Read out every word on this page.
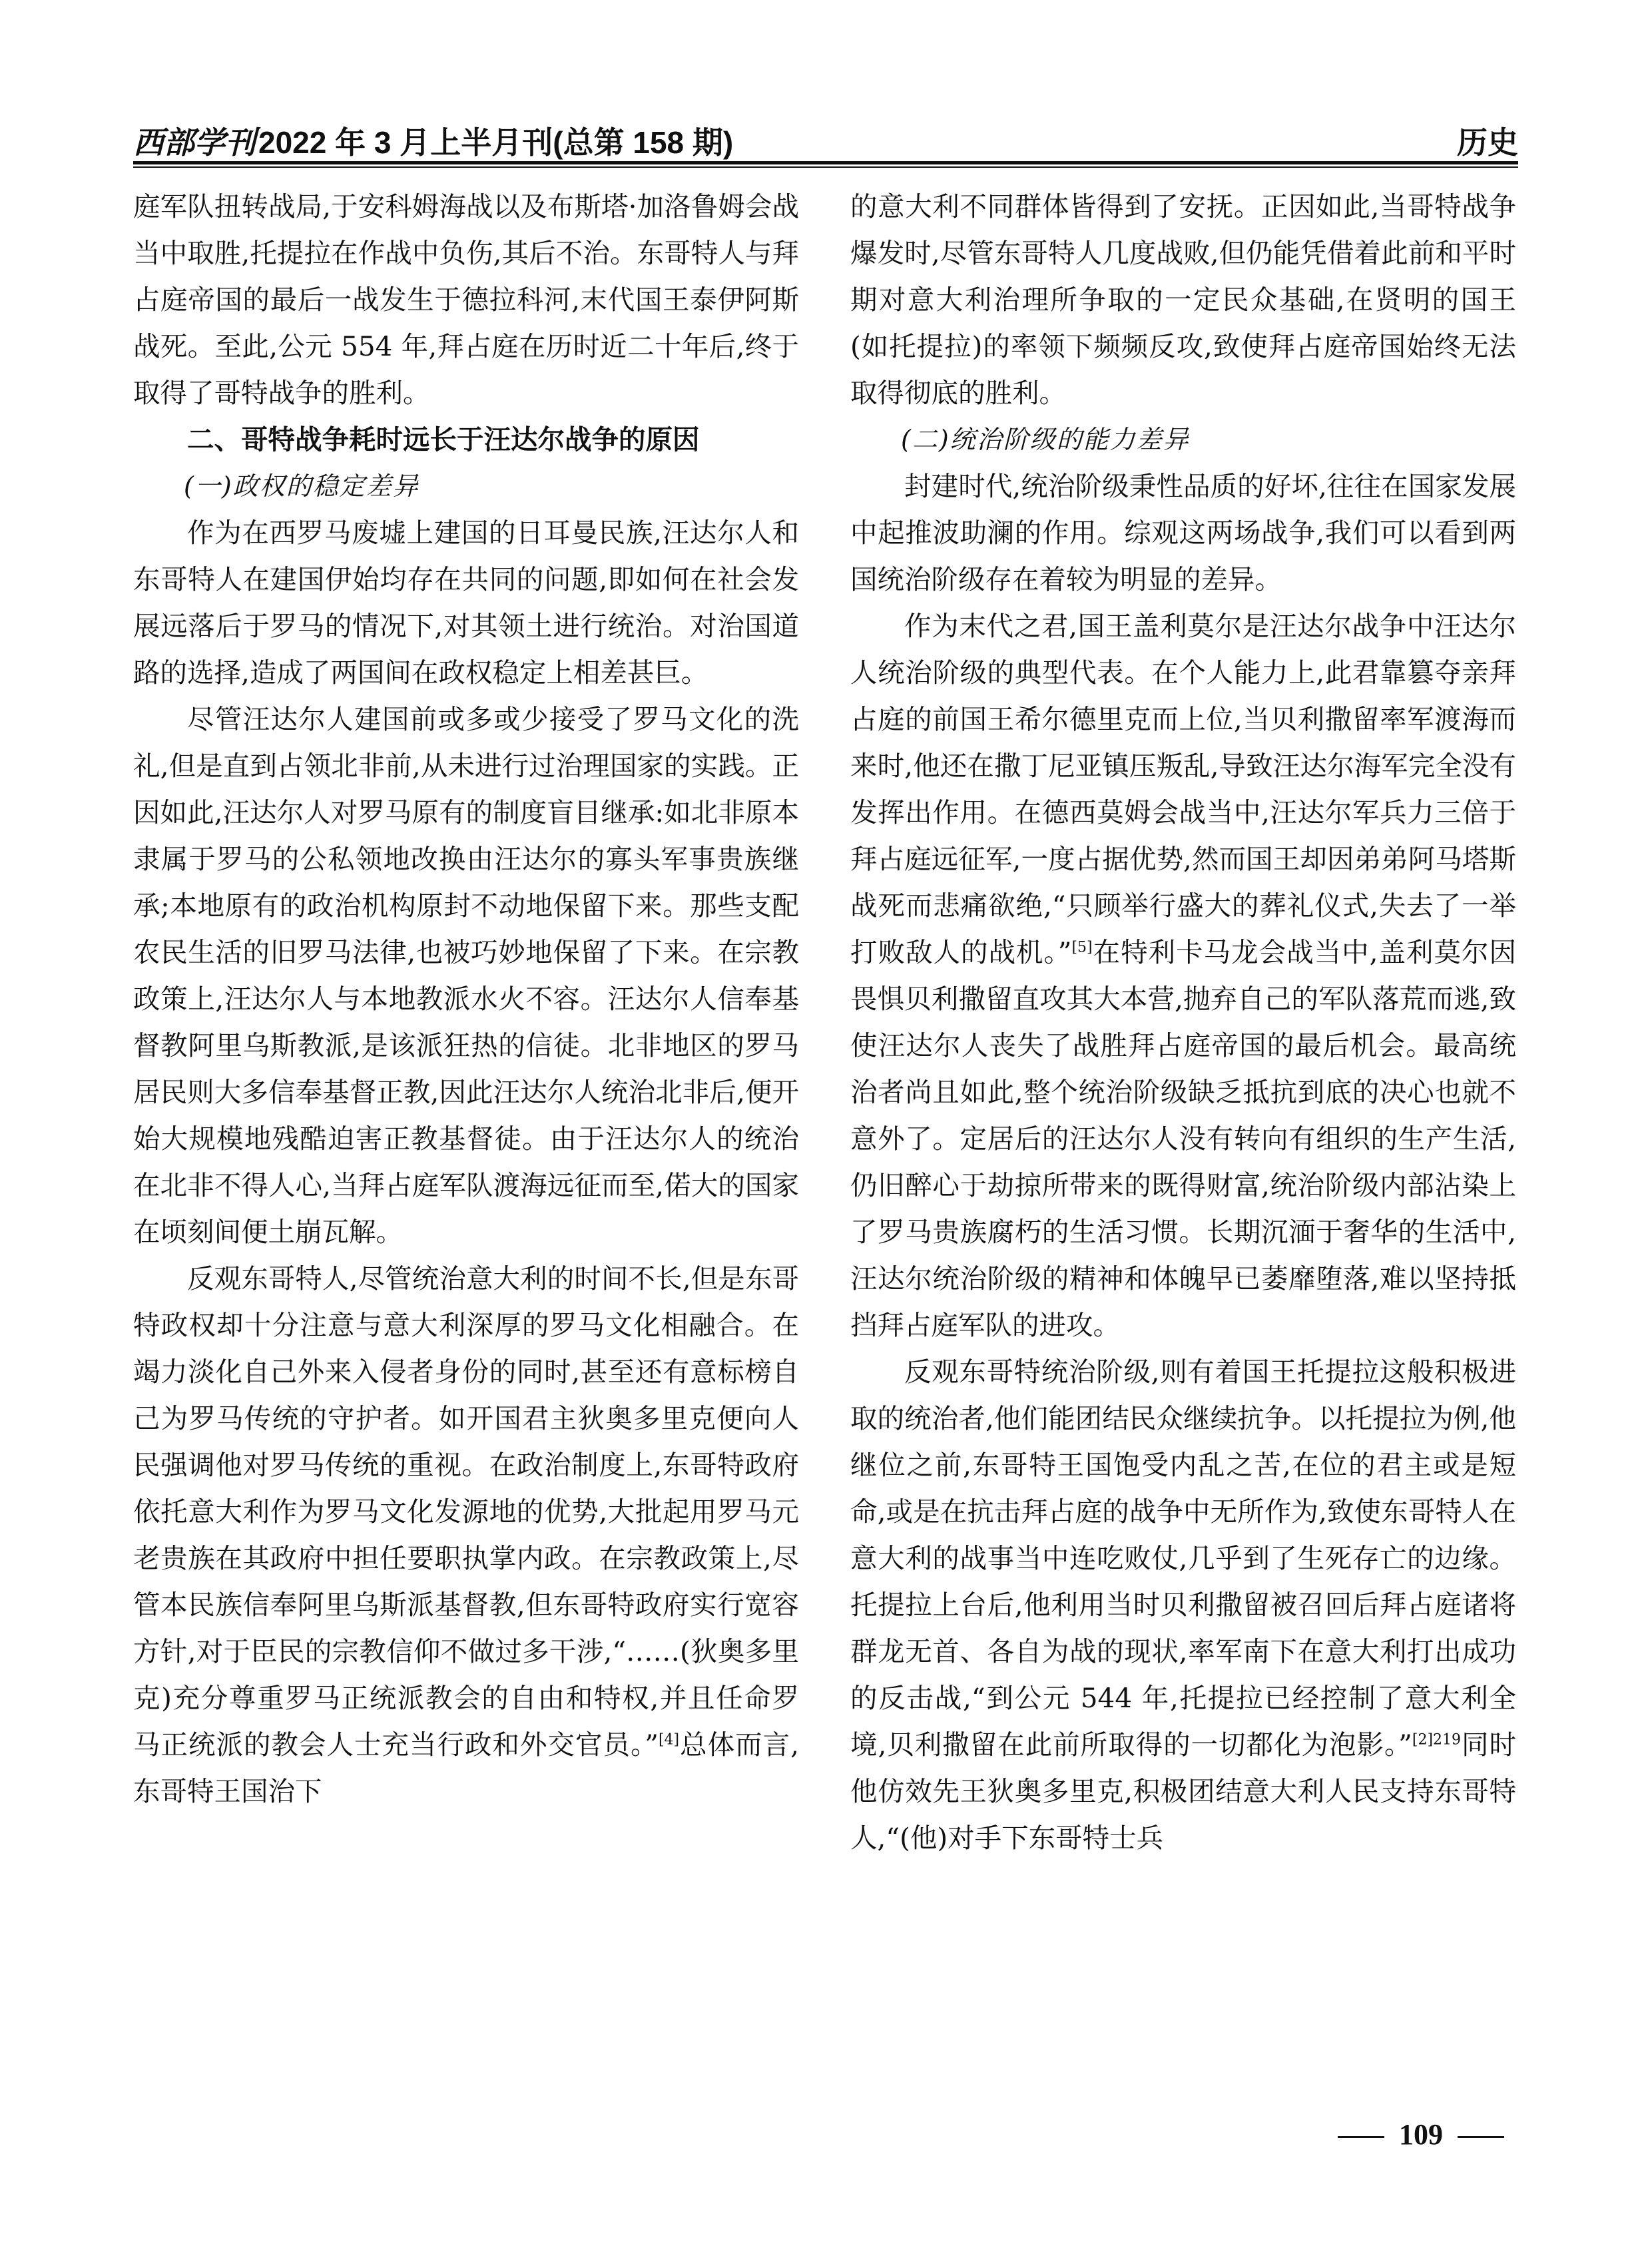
西部学刊2022 年 3 月上半月刊(总第 158 期)	历史

庭军队扭转战局,于安科姆海战以及布斯塔·加洛鲁姆会战当中取胜,托提拉在作战中负伤,其后不治。东哥特人与拜占庭帝国的最后一战发生于德拉科河,末代国王泰伊阿斯战死。至此,公元 554 年,拜占庭在历时近二十年后,终于取得了哥特战争的胜利。

二、哥特战争耗时远长于汪达尔战争的原因
(一)政权的稳定差异

作为在西罗马废墟上建国的日耳曼民族,汪达尔人和东哥特人在建国伊始均存在共同的问题,即如何在社会发展远落后于罗马的情况下,对其领土进行统治。对治国道路的选择,造成了两国间在政权稳定上相差甚巨。

尽管汪达尔人建国前或多或少接受了罗马文化的洗礼,但是直到占领北非前,从未进行过治理国家的实践。正因如此,汪达尔人对罗马原有的制度盲目继承:如北非原本隶属于罗马的公私领地改换由汪达尔的寡头军事贵族继承;本地原有的政治机构原封不动地保留下来。那些支配农民生活的旧罗马法律,也被巧妙地保留了下来。在宗教政策上,汪达尔人与本地教派水火不容。汪达尔人信奉基督教阿里乌斯教派,是该派狂热的信徒。北非地区的罗马居民则大多信奉基督正教,因此汪达尔人统治北非后,便开始大规模地残酷迫害正教基督徒。由于汪达尔人的统治在北非不得人心,当拜占庭军队渡海远征而至,偌大的国家在顷刻间便土崩瓦解。

反观东哥特人,尽管统治意大利的时间不长,但是东哥特政权却十分注意与意大利深厚的罗马文化相融合。在竭力淡化自己外来入侵者身份的同时,甚至还有意标榜自己为罗马传统的守护者。如开国君主狄奥多里克便向人民强调他对罗马传统的重视。在政治制度上,东哥特政府依托意大利作为罗马文化发源地的优势,大批起用罗马元老贵族在其政府中担任要职执掌内政。在宗教政策上,尽管本民族信奉阿里乌斯派基督教,但东哥特政府实行宽容方针,对于臣民的宗教信仰不做过多干涉,“……(狄奥多里克)充分尊重罗马正统派教会的自由和特权,并且任命罗马正统派的教会人士充当行政和外交官员。”[4]总体而言,东哥特王国治下

的意大利不同群体皆得到了安抚。正因如此,当哥特战争爆发时,尽管东哥特人几度战败,但仍能凭借着此前和平时期对意大利治理所争取的一定民众基础,在贤明的国王(如托提拉)的率领下频频反攻,致使拜占庭帝国始终无法取得彻底的胜利。

(二)统治阶级的能力差异

封建时代,统治阶级秉性品质的好坏,往往在国家发展中起推波助澜的作用。综观这两场战争,我们可以看到两国统治阶级存在着较为明显的差异。

作为末代之君,国王盖利莫尔是汪达尔战争中汪达尔人统治阶级的典型代表。在个人能力上,此君靠篡夺亲拜占庭的前国王希尔德里克而上位,当贝利撒留率军渡海而来时,他还在撒丁尼亚镇压叛乱,导致汪达尔海军完全没有发挥出作用。在德西莫姆会战当中,汪达尔军兵力三倍于拜占庭远征军,一度占据优势,然而国王却因弟弟阿马塔斯战死而悲痛欲绝,“只顾举行盛大的葬礼仪式,失去了一举打败敌人的战机。”[5]在特利卡马龙会战当中,盖利莫尔因畏惧贝利撒留直攻其大本营,抛弃自己的军队落荒而逃,致使汪达尔人丧失了战胜拜占庭帝国的最后机会。最高统治者尚且如此,整个统治阶级缺乏抵抗到底的决心也就不意外了。定居后的汪达尔人没有转向有组织的生产生活,仍旧醉心于劫掠所带来的既得财富,统治阶级内部沾染上了罗马贵族腐朽的生活习惯。长期沉湎于奢华的生活中,汪达尔统治阶级的精神和体魄早已萎靡堕落,难以坚持抵挡拜占庭军队的进攻。

反观东哥特统治阶级,则有着国王托提拉这般积极进取的统治者,他们能团结民众继续抗争。以托提拉为例,他继位之前,东哥特王国饱受内乱之苦,在位的君主或是短命,或是在抗击拜占庭的战争中无所作为,致使东哥特人在意大利的战事当中连吃败仗,几乎到了生死存亡的边缘。托提拉上台后,他利用当时贝利撒留被召回后拜占庭诸将群龙无首、各自为战的现状,率军南下在意大利打出成功的反击战,“到公元 544 年,托提拉已经控制了意大利全境,贝利撒留在此前所取得的一切都化为泡影。”$^{[2]219}$同时他仿效先王狄奥多里克,积极团结意大利人民支持东哥特人,“(他)对手下东哥特士兵

109
